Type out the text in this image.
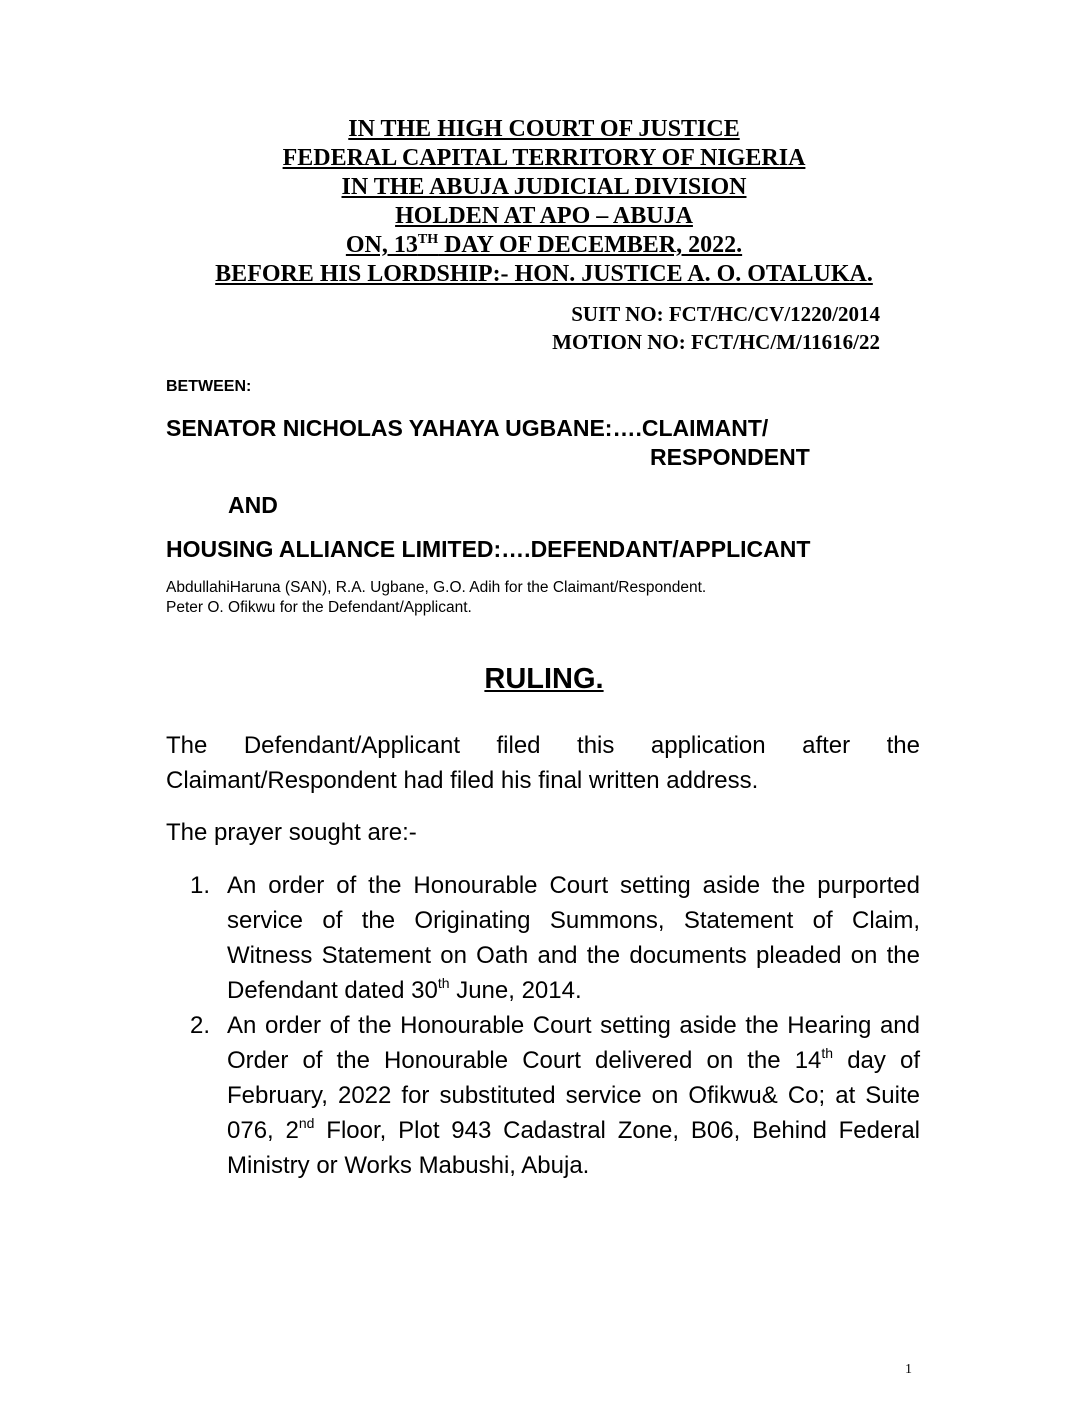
IN THE HIGH COURT OF JUSTICE
FEDERAL CAPITAL TERRITORY OF NIGERIA
IN THE ABUJA JUDICIAL DIVISION
HOLDEN AT APO – ABUJA
ON, 13TH DAY OF DECEMBER, 2022.
BEFORE HIS LORDSHIP:- HON. JUSTICE A. O. OTALUKA.
SUIT NO: FCT/HC/CV/1220/2014
MOTION NO: FCT/HC/M/11616/22
BETWEEN:
SENATOR NICHOLAS YAHAYA UGBANE:….CLAIMANT/
RESPONDENT
AND
HOUSING ALLIANCE LIMITED:….DEFENDANT/APPLICANT
AbdullahiHaruna (SAN), R.A. Ugbane, G.O. Adih for the Claimant/Respondent.
Peter O. Ofikwu for the Defendant/Applicant.
RULING.
The Defendant/Applicant filed this application after the
Claimant/Respondent had filed his final written address.
The prayer sought are:-
1. An order of the Honourable Court setting aside the purported service of the Originating Summons, Statement of Claim, Witness Statement on Oath and the documents pleaded on the Defendant dated 30th June, 2014.
2. An order of the Honourable Court setting aside the Hearing and Order of the Honourable Court delivered on the 14th day of February, 2022 for substituted service on Ofikwu& Co; at Suite 076, 2nd Floor, Plot 943 Cadastral Zone, B06, Behind Federal Ministry or Works Mabushi, Abuja.
1
